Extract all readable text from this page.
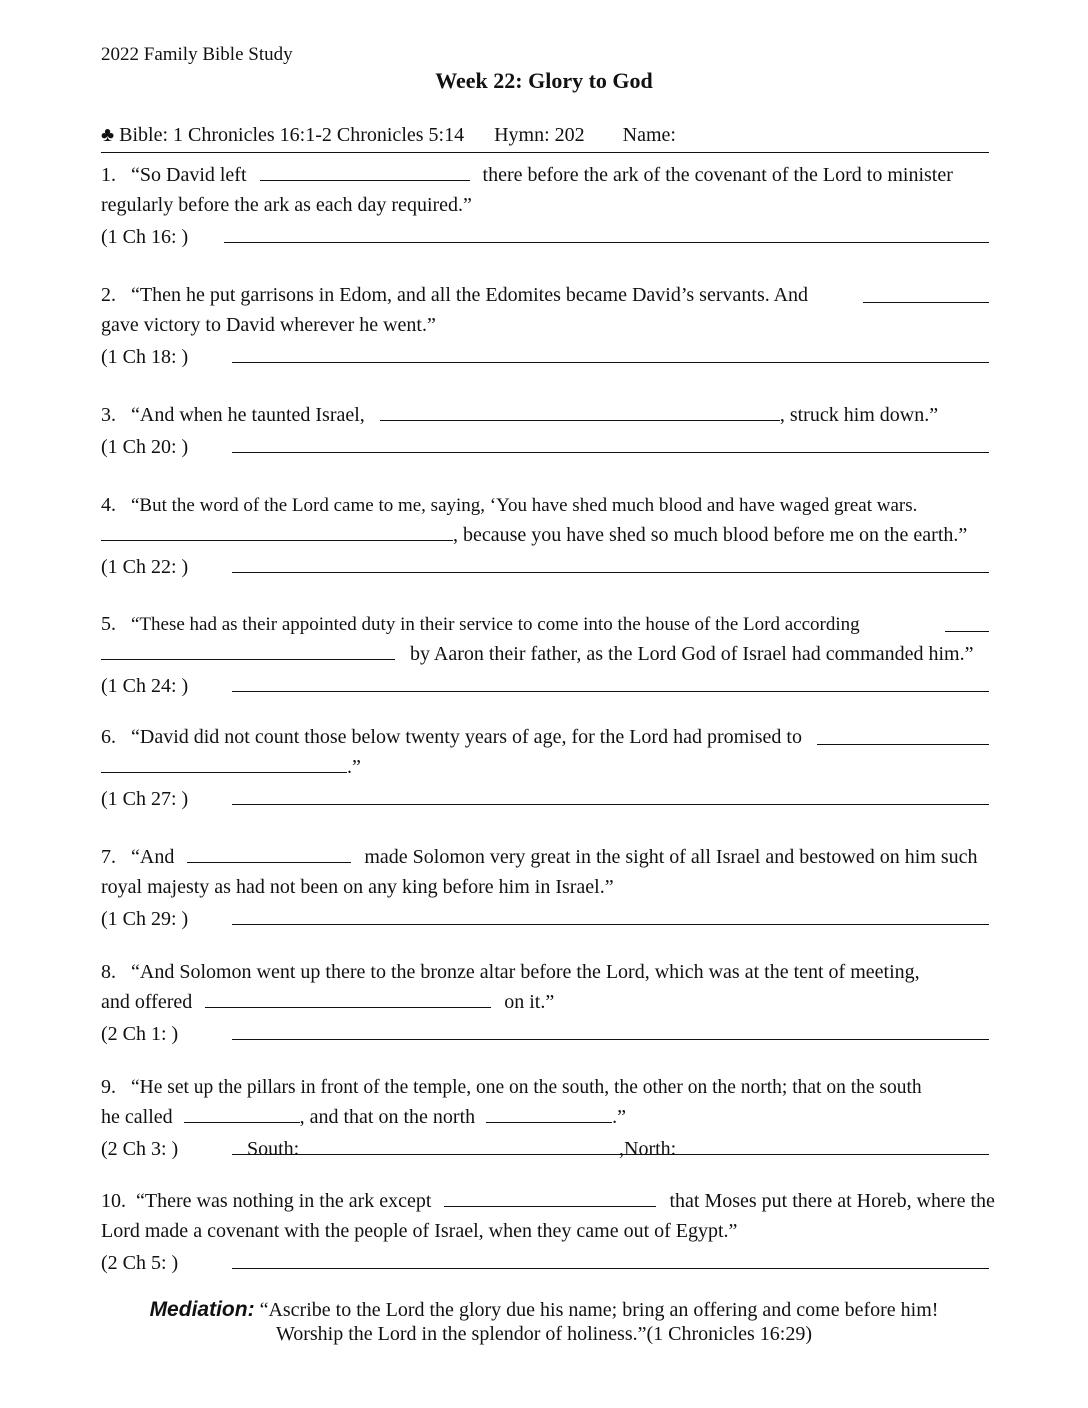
2022 Family Bible Study
Week 22: Glory to God
♣ Bible: 1 Chronicles 16:1-2 Chronicles 5:14 Hymn: 202 Name:
1. “So David left	there before the ark of the covenant of the Lord to minister
regularly before the ark as each day required.”
(1 Ch 16: )
2. “Then he put garrisons in Edom, and all the Edomites became David’s servants. And
gave victory to David wherever he went.”
(1 Ch 18: )
3. “And when he taunted Israel,	, struck him down.”
(1 Ch 20: )
4. “But the word of the Lord came to me, saying, ‘You have shed much blood and have waged great wars.
, because you have shed so much blood before me on the earth.”
(1 Ch 22: )
5. “These had as their appointed duty in their service to come into the house of the Lord according
by Aaron their father, as the Lord God of Israel had commanded him.”
(1 Ch 24: )
6. “David did not count those below twenty years of age, for the Lord had promised to
.”
(1 Ch 27: )
7. “And	made Solomon very great in the sight of all Israel and bestowed on him such
royal majesty as had not been on any king before him in Israel.”
(1 Ch 29: )
8. “And Solomon went up there to the bronze altar before the Lord, which was at the tent of meeting,
and offered	on it.”
(2 Ch 1: )
9. “He set up the pillars in front of the temple, one on the south, the other on the north; that on the south
he called	, and that on the north	.”
(2 Ch 3: )	South:	,North:
10. “There was nothing in the ark except	that Moses put there at Horeb, where the
Lord made a covenant with the people of Israel, when they came out of Egypt.”
(2 Ch 5: )
Mediation: “Ascribe to the Lord the glory due his name; bring an offering and come before him!
Worship the Lord in the splendor of holiness.”(1 Chronicles 16:29)
